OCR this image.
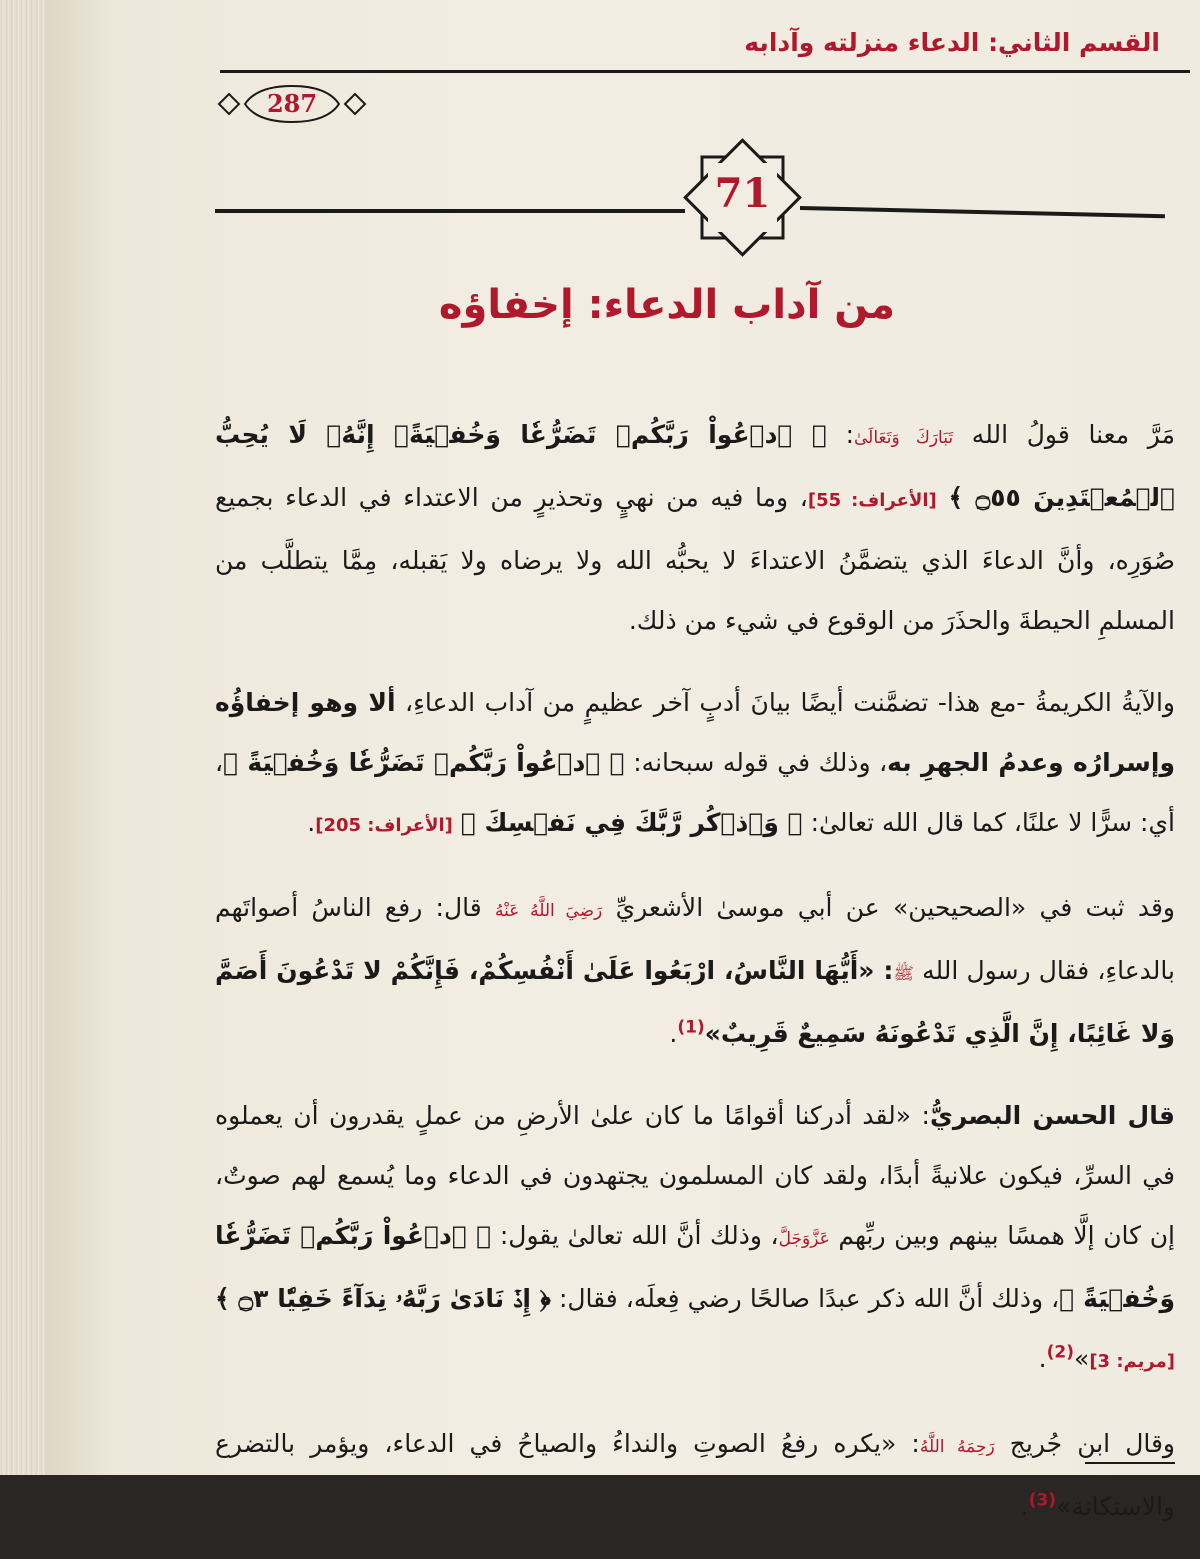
القسم الثاني: الدعاء منزلته وآدابه
287
71
من آداب الدعاء: إخفاؤه

مَرَّ معنا قولُ الله تَبَارَكَ وَتَعَالَىٰ: ﴿ ٱدۡعُواْ رَبَّكُمۡ تَضَرُّعٗا وَخُفۡيَةًۚ إِنَّهُۥ لَا يُحِبُّ ٱلۡمُعۡتَدِينَ ۝٥٥ ﴾ [الأعراف: 55]، وما فيه من نهيٍ وتحذيرٍ من الاعتداء في الدعاء بجميع صُوَرِه، وأنَّ الدعاءَ الذي يتضمَّنُ الاعتداءَ لا يحبُّه الله ولا يرضاه ولا يَقبله، مِمَّا يتطلَّب من المسلمِ الحيطةَ والحذَرَ من الوقوع في شيء من ذلك.

والآيةُ الكريمةُ -مع هذا- تضمَّنت أيضًا بيانَ أدبٍ آخر عظيمٍ من آداب الدعاءِ، ألا وهو إخفاؤُه وإسرارُه وعدمُ الجهرِ به، وذلك في قوله سبحانه: ﴿ ٱدۡعُواْ رَبَّكُمۡ تَضَرُّعٗا وَخُفۡيَةً ﴾، أي: سرًّا لا علنًا، كما قال الله تعالىٰ: ﴿ وَٱذۡكُر رَّبَّكَ فِي نَفۡسِكَ ﴾ [الأعراف: 205].

وقد ثبت في «الصحيحين» عن أبي موسىٰ الأشعريِّ رَضِيَ اللَّهُ عَنْهُ قال: رفع الناسُ أصواتَهم بالدعاءِ، فقال رسول الله ﷺ: «أَيُّهَا النَّاسُ، ارْبَعُوا عَلَىٰ أَنْفُسِكُمْ، فَإِنَّكُمْ لا تَدْعُونَ أَصَمَّ وَلا غَائِبًا، إِنَّ الَّذِي تَدْعُونَهُ سَمِيعٌ قَرِيبٌ»$^{(1)}$.

قال الحسن البصريُّ: «لقد أدركنا أقوامًا ما كان علىٰ الأرضِ من عملٍ يقدرون أن يعملوه في السرِّ، فيكون علانيةً أبدًا، ولقد كان المسلمون يجتهدون في الدعاء وما يُسمع لهم صوتٌ، إن كان إلَّا همسًا بينهم وبين ربِّهم عَزَّوَجَلَّ، وذلك أنَّ الله تعالىٰ يقول: ﴿ ٱدۡعُواْ رَبَّكُمۡ تَضَرُّعٗا وَخُفۡيَةً ﴾، وذلك أنَّ الله ذكر عبدًا صالحًا رضي فِعلَه، فقال: ﴿ إِذۡ نَادَىٰ رَبَّهُۥ نِدَآءً خَفِيّٗا ۝٣ ﴾ [مريم: 3]»$^{(2)}$.

وقال ابن جُريج رَحِمَهُ اللَّهُ: «يكره رفعُ الصوتِ والنداءُ والصياحُ في الدعاء، ويؤمر بالتضرع والاستكانة»$^{(3)}$.
